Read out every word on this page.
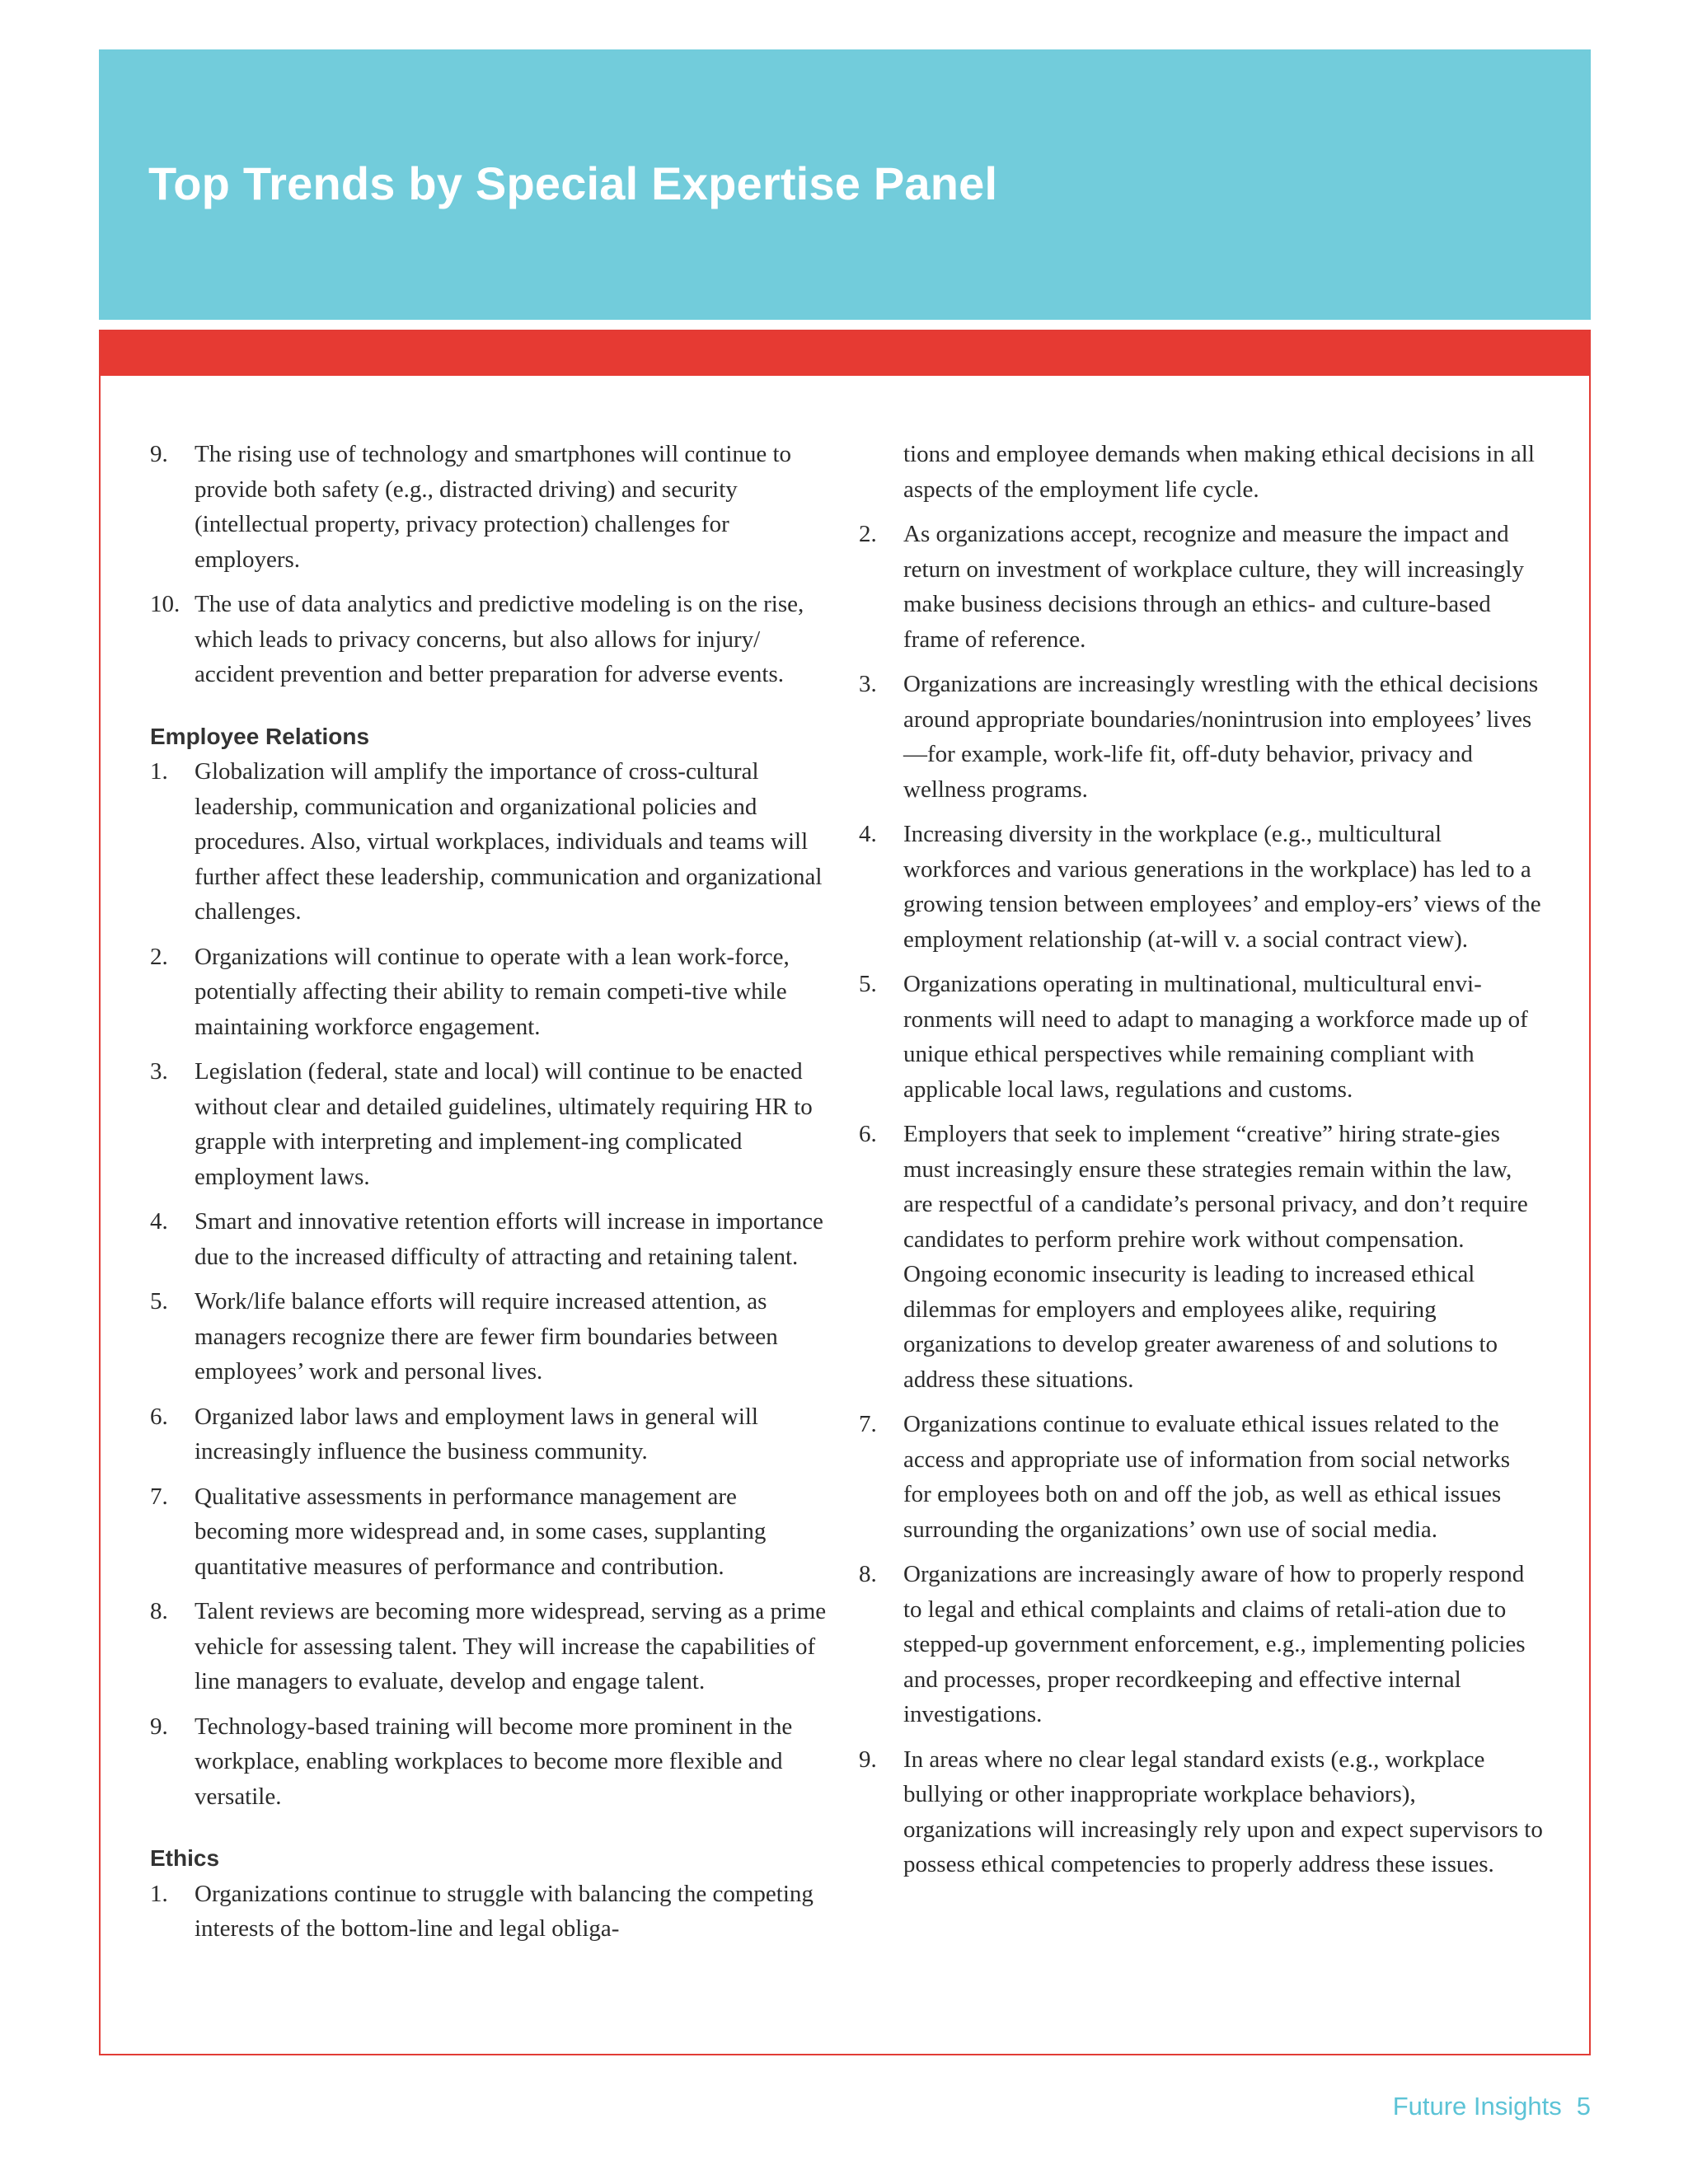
Top Trends by Special Expertise Panel
9.	The rising use of technology and smartphones will continue to provide both safety (e.g., distracted driving) and security (intellectual property, privacy protection) challenges for employers.
10. The use of data analytics and predictive modeling is on the rise, which leads to privacy concerns, but also allows for injury/ accident prevention and better preparation for adverse events.
Employee Relations
1.	Globalization will amplify the importance of cross-cultural leadership, communication and organizational policies and procedures. Also, virtual workplaces, individuals and teams will further affect these leadership, communication and organizational challenges.
2.	Organizations will continue to operate with a lean work-force, potentially affecting their ability to remain competi-tive while maintaining workforce engagement.
3.	Legislation (federal, state and local) will continue to be enacted without clear and detailed guidelines, ultimately requiring HR to grapple with interpreting and implement-ing complicated employment laws.
4.	Smart and innovative retention efforts will increase in importance due to the increased difficulty of attracting and retaining talent.
5.	Work/life balance efforts will require increased attention, as managers recognize there are fewer firm boundaries between employees’ work and personal lives.
6.	Organized labor laws and employment laws in general will increasingly influence the business community.
7.	Qualitative assessments in performance management are becoming more widespread and, in some cases, supplanting quantitative measures of performance and contribution.
8.	Talent reviews are becoming more widespread, serving as a prime vehicle for assessing talent. They will increase the capabilities of line managers to evaluate, develop and engage talent.
9.	Technology-based training will become more prominent in the workplace, enabling workplaces to become more flexible and versatile.
Ethics
1.	Organizations continue to struggle with balancing the competing interests of the bottom-line and legal obliga-
tions and employee demands when making ethical decisions in all aspects of the employment life cycle.
2.	As organizations accept, recognize and measure the impact and return on investment of workplace culture, they will increasingly make business decisions through an ethics- and culture-based frame of reference.
3.	Organizations are increasingly wrestling with the ethical decisions around appropriate boundaries/nonintrusion into employees’ lives—for example, work-life fit, off-duty behavior, privacy and wellness programs.
4.	Increasing diversity in the workplace (e.g., multicultural workforces and various generations in the workplace) has led to a growing tension between employees’ and employ-ers’ views of the employment relationship (at-will v. a social contract view).
5.	Organizations operating in multinational, multicultural envi-ronments will need to adapt to managing a workforce made up of unique ethical perspectives while remaining compliant with applicable local laws, regulations and customs.
6.	Employers that seek to implement “creative” hiring strate-gies must increasingly ensure these strategies remain within the law, are respectful of a candidate’s personal privacy, and don’t require candidates to perform prehire work without compensation. Ongoing economic insecurity is leading to increased ethical dilemmas for employers and employees alike, requiring organizations to develop greater awareness of and solutions to address these situations.
7.	Organizations continue to evaluate ethical issues related to the access and appropriate use of information from social networks for employees both on and off the job, as well as ethical issues surrounding the organizations’ own use of social media.
8.	Organizations are increasingly aware of how to properly respond to legal and ethical complaints and claims of retali-ation due to stepped-up government enforcement, e.g., implementing policies and processes, proper recordkeeping and effective internal investigations.
9.	In areas where no clear legal standard exists (e.g., workplace bullying or other inappropriate workplace behaviors), organizations will increasingly rely upon and expect supervisors to possess ethical competencies to properly address these issues.
Future Insights 5
